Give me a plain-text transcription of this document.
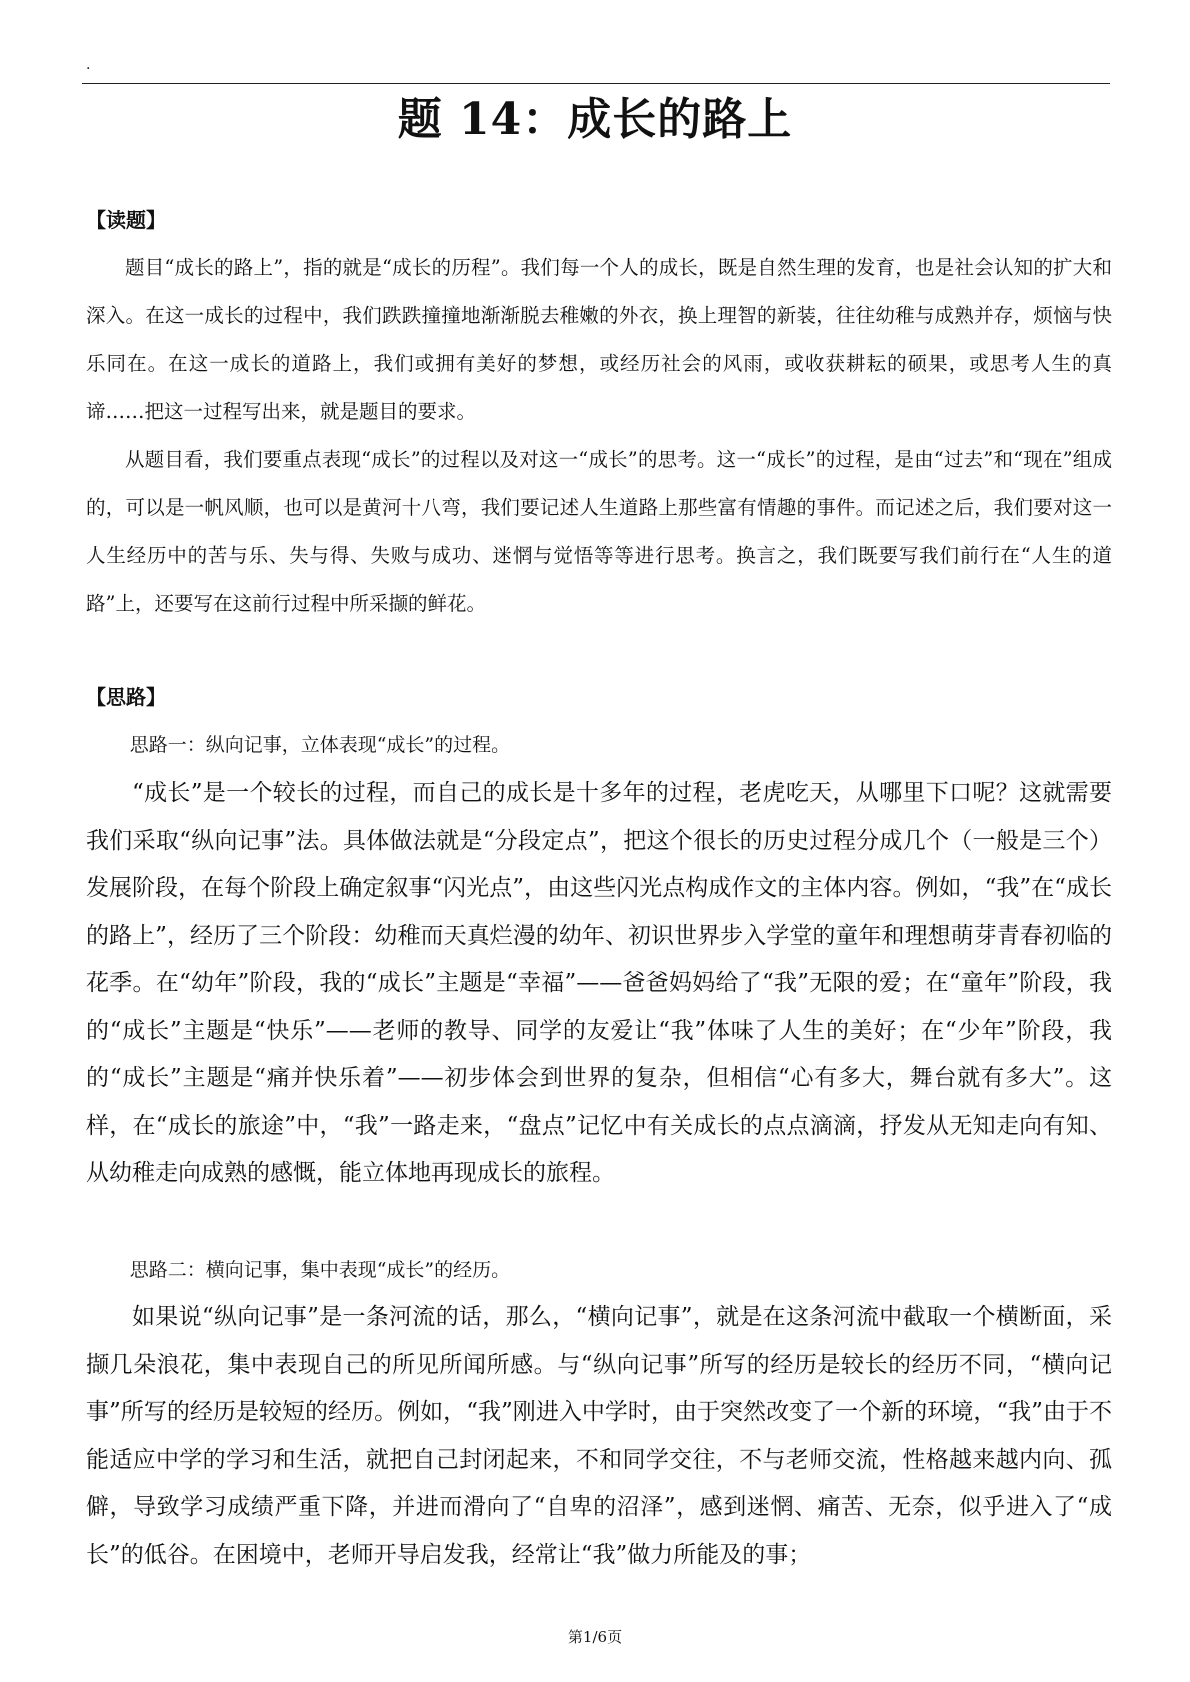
.
题 14：成长的路上
【读题】

题目“成长的路上”，指的就是“成长的历程”。我们每一个人的成长，既是自然生理的发育，也是社会认知的扩大和深入。在这一成长的过程中，我们跌跌撞撞地渐渐脱去稚嫩的外衣，换上理智的新装，往往幼稚与成熟并存，烦恼与快乐同在。在这一成长的道路上，我们或拥有美好的梦想，或经历社会的风雨，或收获耕耘的硕果，或思考人生的真谛……把这一过程写出来，就是题目的要求。

从题目看，我们要重点表现“成长”的过程以及对这一“成长”的思考。这一“成长”的过程，是由“过去”和“现在”组成的，可以是一帆风顺，也可以是黄河十八弯，我们要记述人生道路上那些富有情趣的事件。而记述之后，我们要对这一人生经历中的苦与乐、失与得、失败与成功、迷惘与觉悟等等进行思考。换言之，我们既要写我们前行在“人生的道路”上，还要写在这前行过程中所采撷的鲜花。

【思路】

思路一：纵向记事，立体表现“成长”的过程。

“成长”是一个较长的过程，而自己的成长是十多年的过程，老虎吃天，从哪里下口呢？这就需要我们采取“纵向记事”法。具体做法就是“分段定点”，把这个很长的历史过程分成几个（一般是三个）发展阶段，在每个阶段上确定叙事“闪光点”，由这些闪光点构成作文的主体内容。例如，“我”在“成长的路上”，经历了三个阶段：幼稚而天真烂漫的幼年、初识世界步入学堂的童年和理想萌芽青春初临的花季。在“幼年”阶段，我的“成长”主题是“幸福”——爸爸妈妈给了“我”无限的爱；在“童年”阶段，我的“成长”主题是“快乐”——老师的教导、同学的友爱让“我”体味了人生的美好；在“少年”阶段，我的“成长”主题是“痛并快乐着”——初步体会到世界的复杂，但相信“心有多大，舞台就有多大”。这样，在“成长的旅途”中，“我”一路走来，“盘点”记忆中有关成长的点点滴滴，抒发从无知走向有知、从幼稚走向成熟的感慨，能立体地再现成长的旅程。

思路二：横向记事，集中表现“成长”的经历。

如果说“纵向记事”是一条河流的话，那么，“横向记事”，就是在这条河流中截取一个横断面，采撷几朵浪花，集中表现自己的所见所闻所感。与“纵向记事”所写的经历是较长的经历不同，“横向记事”所写的经历是较短的经历。例如，“我”刚进入中学时，由于突然改变了一个新的环境，“我”由于不能适应中学的学习和生活，就把自己封闭起来，不和同学交往，不与老师交流，性格越来越内向、孤僻，导致学习成绩严重下降，并进而滑向了“自卑的沼泽”，感到迷惘、痛苦、无奈，似乎进入了“成长”的低谷。在困境中，老师开导启发我，经常让“我”做力所能及的事；

第1/6页
